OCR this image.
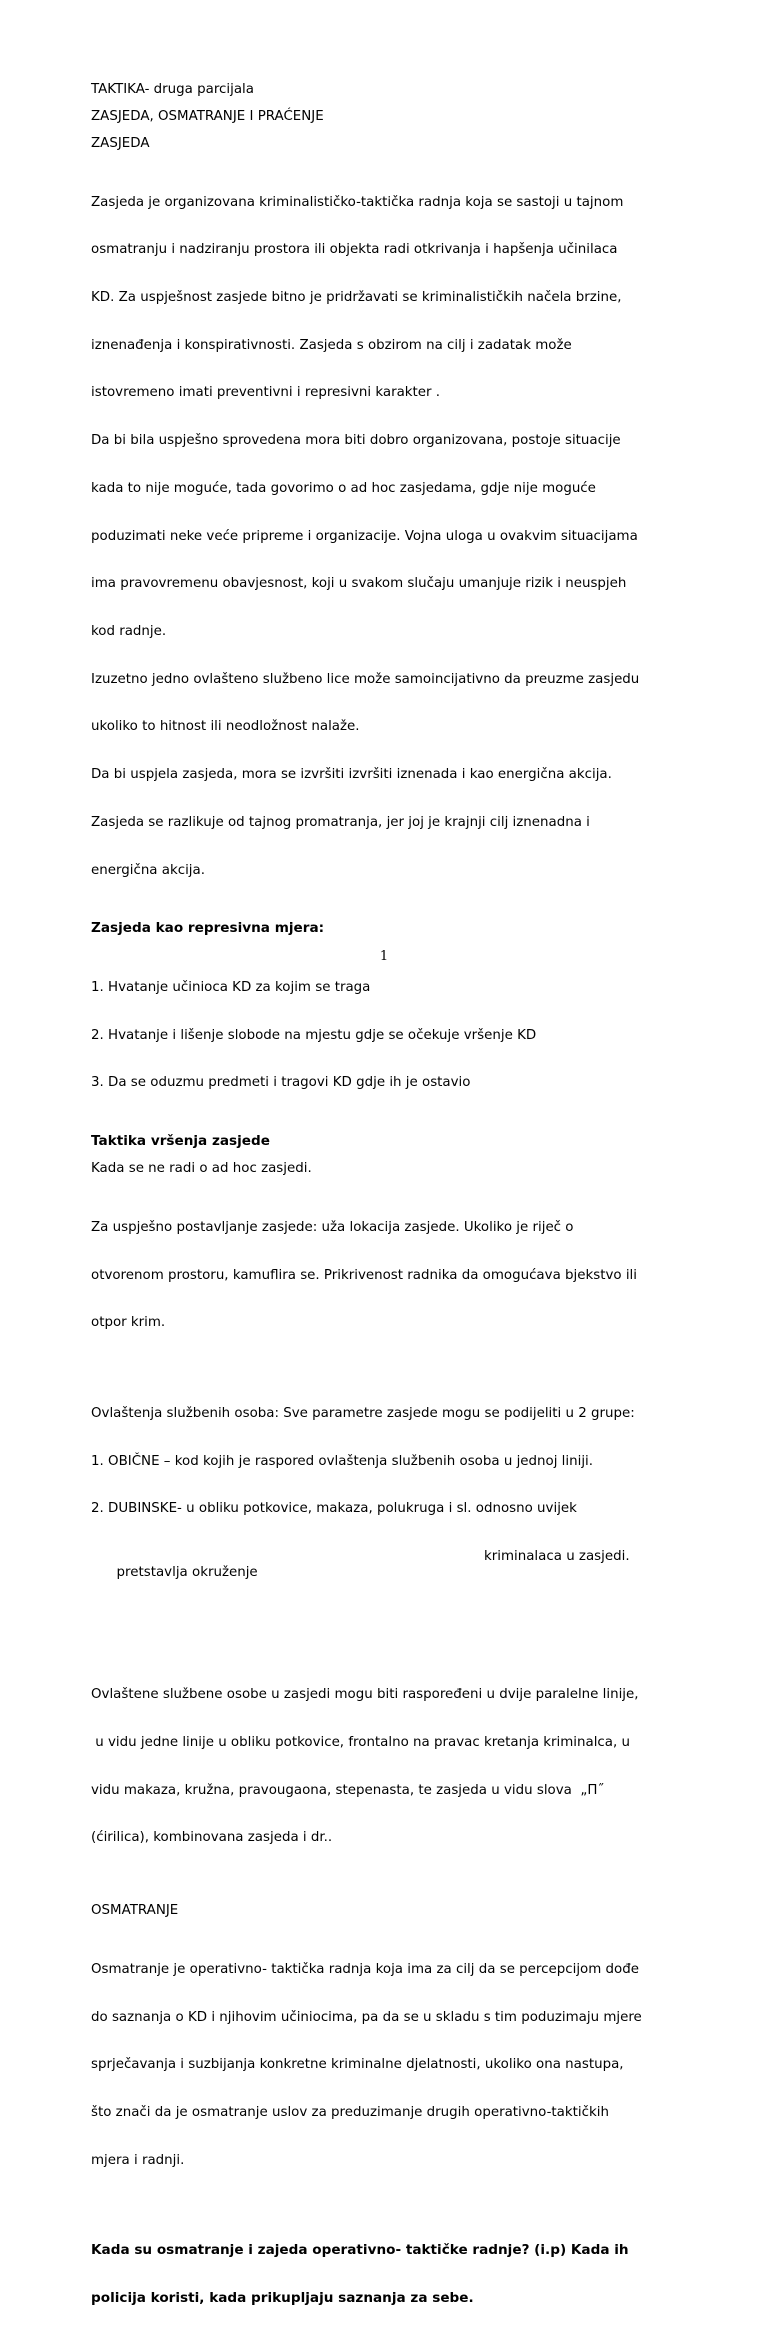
TAKTIKA- druga parcijala
ZASJEDA, OSMATRANJE I PRAĆENJE
ZASJEDA

Zasjeda je organizovana kriminalističko-taktička radnja koja se sastoji u tajnom

osmatranju i nadziranju prostora ili objekta radi otkrivanja i hapšenja učinilaca

KD. Za uspješnost zasjede bitno je pridržavati se kriminalističkih načela brzine,

iznenađenja i konspirativnosti. Zasjeda s obzirom na cilj i zadatak može

istovremeno imati preventivni i represivni karakter .

Da bi bila uspješno sprovedena mora biti dobro organizovana, postoje situacije

kada to nije moguće, tada govorimo o ad hoc zasjedama, gdje nije moguće

poduzimati neke veće pripreme i organizacije. Vojna uloga u ovakvim situacijama

ima pravovremenu obavjesnost, koji u svakom slučaju umanjuje rizik i neuspjeh

kod radnje.

Izuzetno jedno ovlašteno službeno lice može samoincijativno da preuzme zasjedu

ukoliko to hitnost ili neodložnost nalaže.

Da bi uspjela zasjeda, mora se izvršiti izvršiti iznenada i kao energična akcija.

Zasjeda se razlikuje od tajnog promatranja, jer joj je krajnji cilj iznenadna i

energična akcija.

Zasjeda kao represivna mjera:

1. Hvatanje učinioca KD za kojim se traga

2. Hvatanje i lišenje slobode na mjestu gdje se očekuje vršenje KD

3. Da se oduzmu predmeti i tragovi KD gdje ih je ostavio

Taktika vršenja zasjede
Kada se ne radi o ad hoc zasjedi.

Za uspješno postavljanje zasjede: uža lokacija zasjede. Ukoliko je riječ o

otvorenom prostoru, kamuflira se. Prikrivenost radnika da omogućava bjekstvo ili

otpor krim.

Ovlaštenja službenih osoba: Sve parametre zasjede mogu se podijeliti u 2 grupe:

1. OBIČNE – kod kojih je raspored ovlaštenja službenih osoba u jednoj liniji.

2. DUBINSKE- u obliku potkovice, makaza, polukruga i sl. odnosno uvijek

pretstavlja okruženje

kriminalaca u zasjedi.

Ovlaštene službene osobe u zasjedi mogu biti raspoređeni u dvije paralelne linije,

u vidu jedne linije u obliku potkovice, frontalno na pravac kretanja kriminalca, u

vidu makaza, kružna, pravougaona, stepenasta, te zasjeda u vidu slova  „Π˝

(ćirilica), kombinovana zasjeda i dr..

OSMATRANJE

Osmatranje je operativno- taktička radnja koja ima za cilj da se percepcijom dođe

do saznanja o KD i njihovim učiniocima, pa da se u skladu s tim poduzimaju mjere

sprječavanja i suzbijanja konkretne kriminalne djelatnosti, ukoliko ona nastupa,

što znači da je osmatranje uslov za preduzimanje drugih operativno-taktičkih

mjera i radnji.

Kada su osmatranje i zajeda operativno- taktičke radnje? (i.p) Kada ih

policija koristi, kada prikupljaju saznanja za sebe.

1
